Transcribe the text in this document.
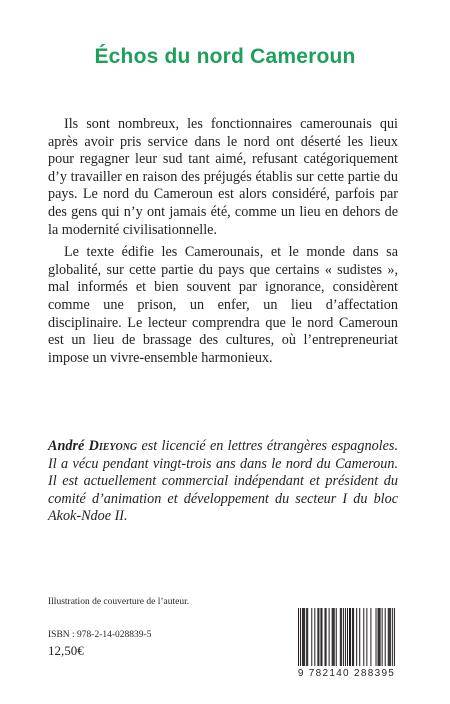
Échos du nord Cameroun

Ils sont nombreux, les fonctionnaires camerounais qui après avoir pris service dans le nord ont déserté les lieux pour regagner leur sud tant aimé, refusant catégoriquement d’y travailler en raison des préjugés établis sur cette partie du pays. Le nord du Cameroun est alors considéré, parfois par des gens qui n’y ont jamais été, comme un lieu en dehors de la modernité civilisationnelle.

Le texte édifie les Camerounais, et le monde dans sa globalité, sur cette partie du pays que certains « sudistes », mal informés et bien souvent par ignorance, considèrent comme une prison, un enfer, un lieu d’affectation disciplinaire. Le lecteur comprendra que le nord Cameroun est un lieu de brassage des cultures, où l’entrepreneuriat impose un vivre-ensemble harmonieux.

André Dieyong est licencié en lettres étrangères espagnoles. Il a vécu pendant vingt-trois ans dans le nord du Cameroun. Il est actuellement commercial indépendant et président du comité d’animation et développement du secteur I du bloc Akok-Ndoe II.
Illustration de couverture de l’auteur.
ISBN : 978-2-14-028839-5
12,50€
9 782140 288395
